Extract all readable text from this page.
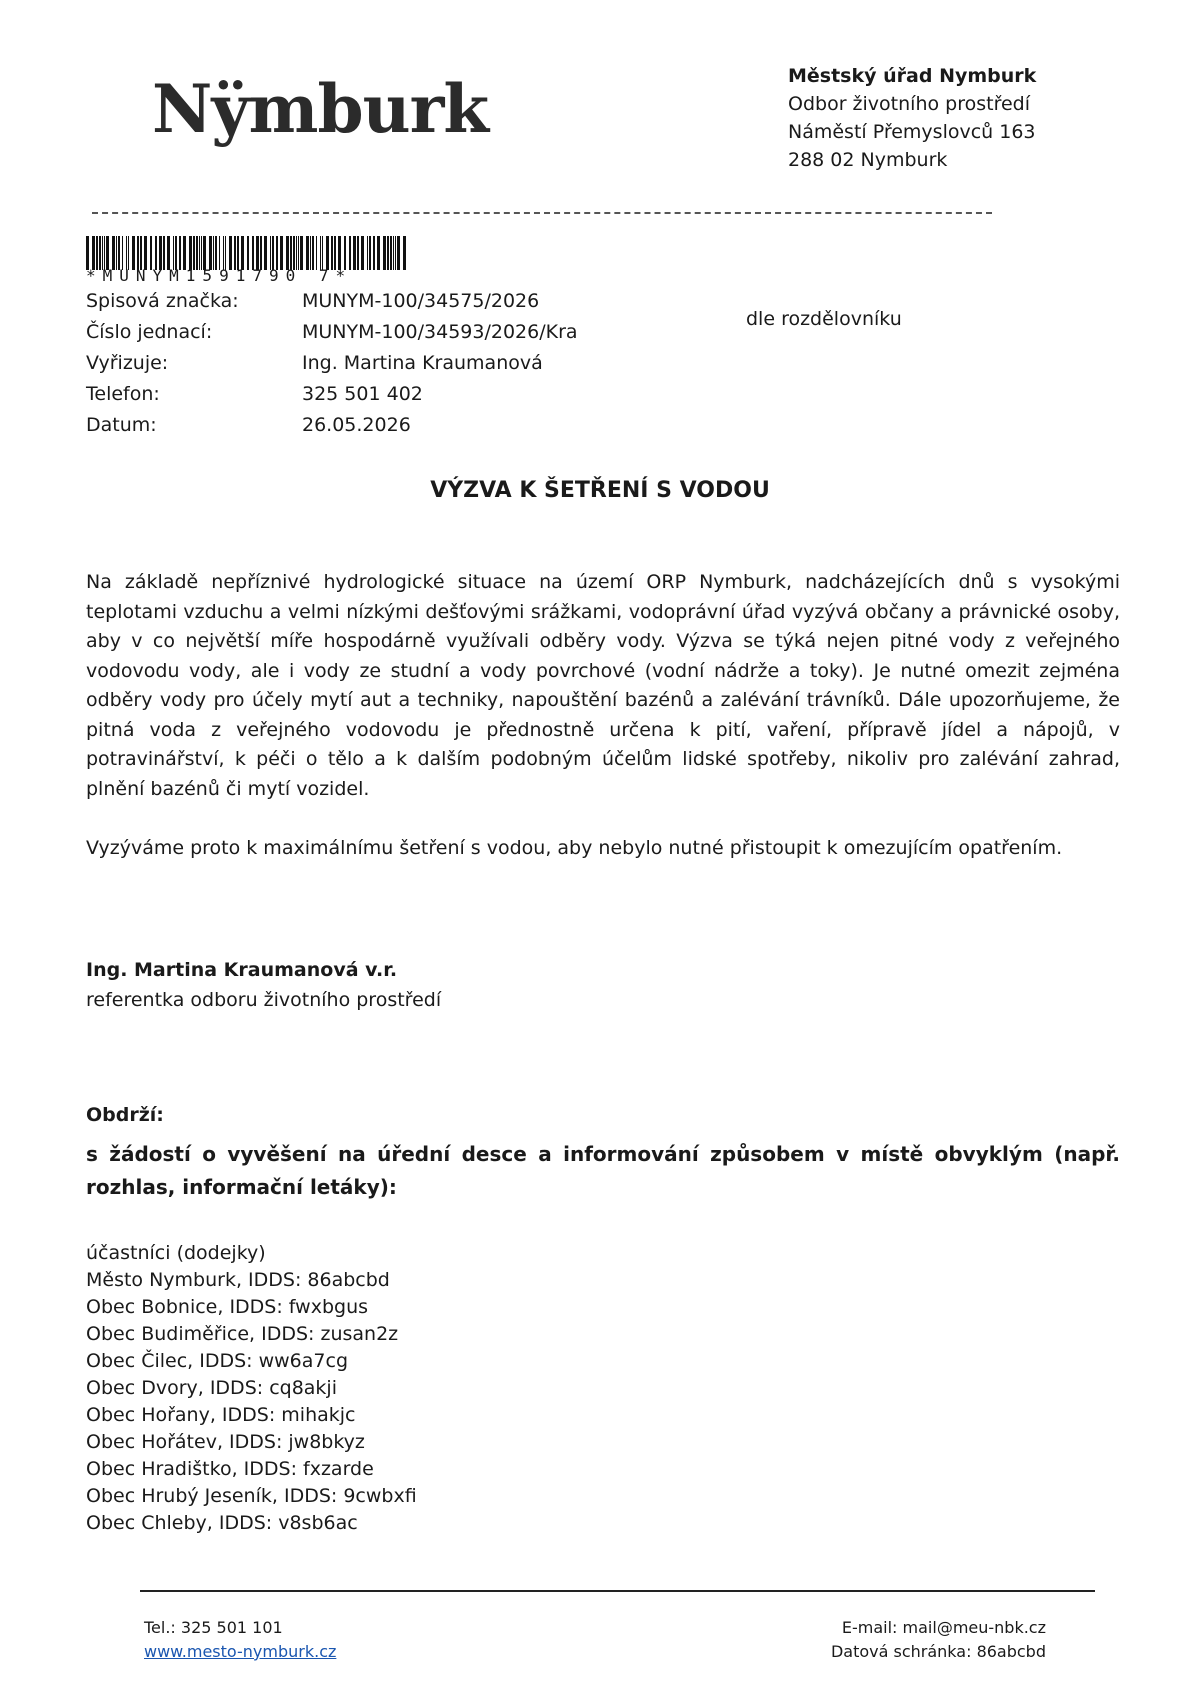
Nÿmburk	Městský úřad Nymburk
Odbor životního prostředí
Náměstí Přemyslovců 163
288 02 Nymburk
*MUNYM1591790 7*
Spisová značka:	MUNYM-100/34575/2026
Číslo jednací:	MUNYM-100/34593/2026/Kra
Vyřizuje:	Ing. Martina Kraumanová
Telefon:	325 501 402
Datum:	26.05.2026
dle rozdělovníku
VÝZVA K ŠETŘENÍ S VODOU

Na základě nepříznivé hydrologické situace na území ORP Nymburk, nadcházejících dnů s vysokými teplotami vzduchu a velmi nízkými dešťovými srážkami, vodoprávní úřad vyzývá občany a právnické osoby, aby v co největší míře hospodárně využívali odběry vody. Výzva se týká nejen pitné vody z veřejného vodovodu vody, ale i vody ze studní a vody povrchové (vodní nádrže a toky). Je nutné omezit zejména odběry vody pro účely mytí aut a techniky, napouštění bazénů a zalévání trávníků. Dále upozorňujeme, že pitná voda z veřejného vodovodu je přednostně určena k pití, vaření, přípravě jídel a nápojů, v potravinářství, k péči o tělo a k dalším podobným účelům lidské spotřeby, nikoliv pro zalévání zahrad, plnění bazénů či mytí vozidel.

Vyzýváme proto k maximálnímu šetření s vodou, aby nebylo nutné přistoupit k omezujícím opatřením.

Ing. Martina Kraumanová v.r.
referentka odboru životního prostředí
Obdrží:
s žádostí o vyvěšení na úřední desce a informování způsobem v místě obvyklým (např. rozhlas, informační letáky):
účastníci (dodejky)
Město Nymburk, IDDS: 86abcbd
Obec Bobnice, IDDS: fwxbgus
Obec Budiměřice, IDDS: zusan2z
Obec Čilec, IDDS: ww6a7cg
Obec Dvory, IDDS: cq8akji
Obec Hořany, IDDS: mihakjc
Obec Hořátev, IDDS: jw8bkyz
Obec Hradištko, IDDS: fxzarde
Obec Hrubý Jeseník, IDDS: 9cwbxfi
Obec Chleby, IDDS: v8sb6ac
Tel.: 325 501 101
www.mesto-nymburk.cz
E-mail: mail@meu-nbk.cz
Datová schránka: 86abcbd
